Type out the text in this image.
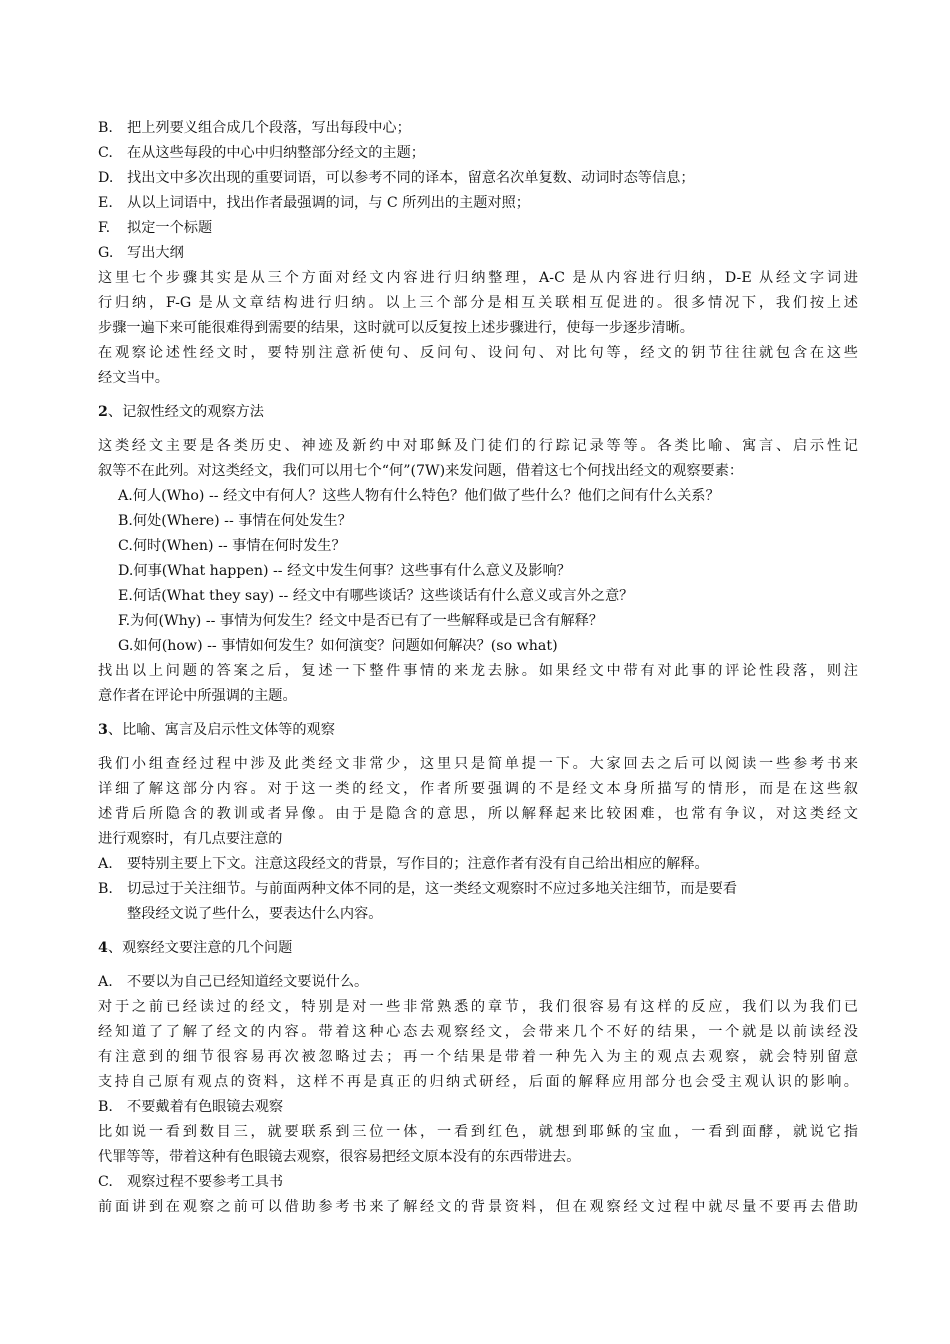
B. 把上列要义组合成几个段落，写出每段中心；
C. 在从这些每段的中心中归纳整部分经文的主题；
D. 找出文中多次出现的重要词语，可以参考不同的译本，留意名次单复数、动词时态等信息；
E. 从以上词语中，找出作者最强调的词，与 C 所列出的主题对照；
F. 拟定一个标题
G. 写出大纲
这里七个步骤其实是从三个方面对经文内容进行归纳整理，A-C 是从内容进行归纳，D-E 从经文字词进
行归纳，F-G 是从文章结构进行归纳。以上三个部分是相互关联相互促进的。很多情况下，我们按上述
步骤一遍下来可能很难得到需要的结果，这时就可以反复按上述步骤进行，使每一步逐步清晰。
在观察论述性经文时，要特别注意祈使句、反问句、设问句、对比句等，经文的钥节往往就包含在这些
经文当中。
2、记叙性经文的观察方法
这类经文主要是各类历史、神迹及新约中对耶稣及门徒们的行踪记录等等。各类比喻、寓言、启示性记
叙等不在此列。对这类经文，我们可以用七个“何”(7W)来发问题，借着这七个何找出经文的观察要素：
A.何人(Who) -- 经文中有何人？这些人物有什么特色？他们做了些什么？他们之间有什么关系？
B.何处(Where) -- 事情在何处发生？
C.何时(When) -- 事情在何时发生？
D.何事(What happen) -- 经文中发生何事？这些事有什么意义及影响？
E.何话(What they say) -- 经文中有哪些谈话？这些谈话有什么意义或言外之意？
F.为何(Why) -- 事情为何发生？经文中是否已有了一些解释或是已含有解释？
G.如何(how) -- 事情如何发生？如何演变？问题如何解决？(so what)
找出以上问题的答案之后，复述一下整件事情的来龙去脉。如果经文中带有对此事的评论性段落，则注
意作者在评论中所强调的主题。
3、比喻、寓言及启示性文体等的观察
我们小组查经过程中涉及此类经文非常少，这里只是简单提一下。大家回去之后可以阅读一些参考书来
详细了解这部分内容。对于这一类的经文，作者所要强调的不是经文本身所描写的情形，而是在这些叙
述背后所隐含的教训或者异像。由于是隐含的意思，所以解释起来比较困难，也常有争议，对这类经文
进行观察时，有几点要注意的
A. 要特别主要上下文。注意这段经文的背景，写作目的；注意作者有没有自己给出相应的解释。
B. 切忌过于关注细节。与前面两种文体不同的是，这一类经文观察时不应过多地关注细节，而是要看
整段经文说了些什么，要表达什么内容。
4、观察经文要注意的几个问题
A. 不要以为自己已经知道经文要说什么。
对于之前已经读过的经文，特别是对一些非常熟悉的章节，我们很容易有这样的反应，我们以为我们已
经知道了了解了经文的内容。带着这种心态去观察经文，会带来几个不好的结果，一个就是以前读经没
有注意到的细节很容易再次被忽略过去；再一个结果是带着一种先入为主的观点去观察，就会特别留意
支持自己原有观点的资料，这样不再是真正的归纳式研经，后面的解释应用部分也会受主观认识的影响。
B. 不要戴着有色眼镜去观察
比如说一看到数目三，就要联系到三位一体，一看到红色，就想到耶稣的宝血，一看到面酵，就说它指
代罪等等，带着这种有色眼镜去观察，很容易把经文原本没有的东西带进去。
C. 观察过程不要参考工具书
前面讲到在观察之前可以借助参考书来了解经文的背景资料，但在观察经文过程中就尽量不要再去借助
